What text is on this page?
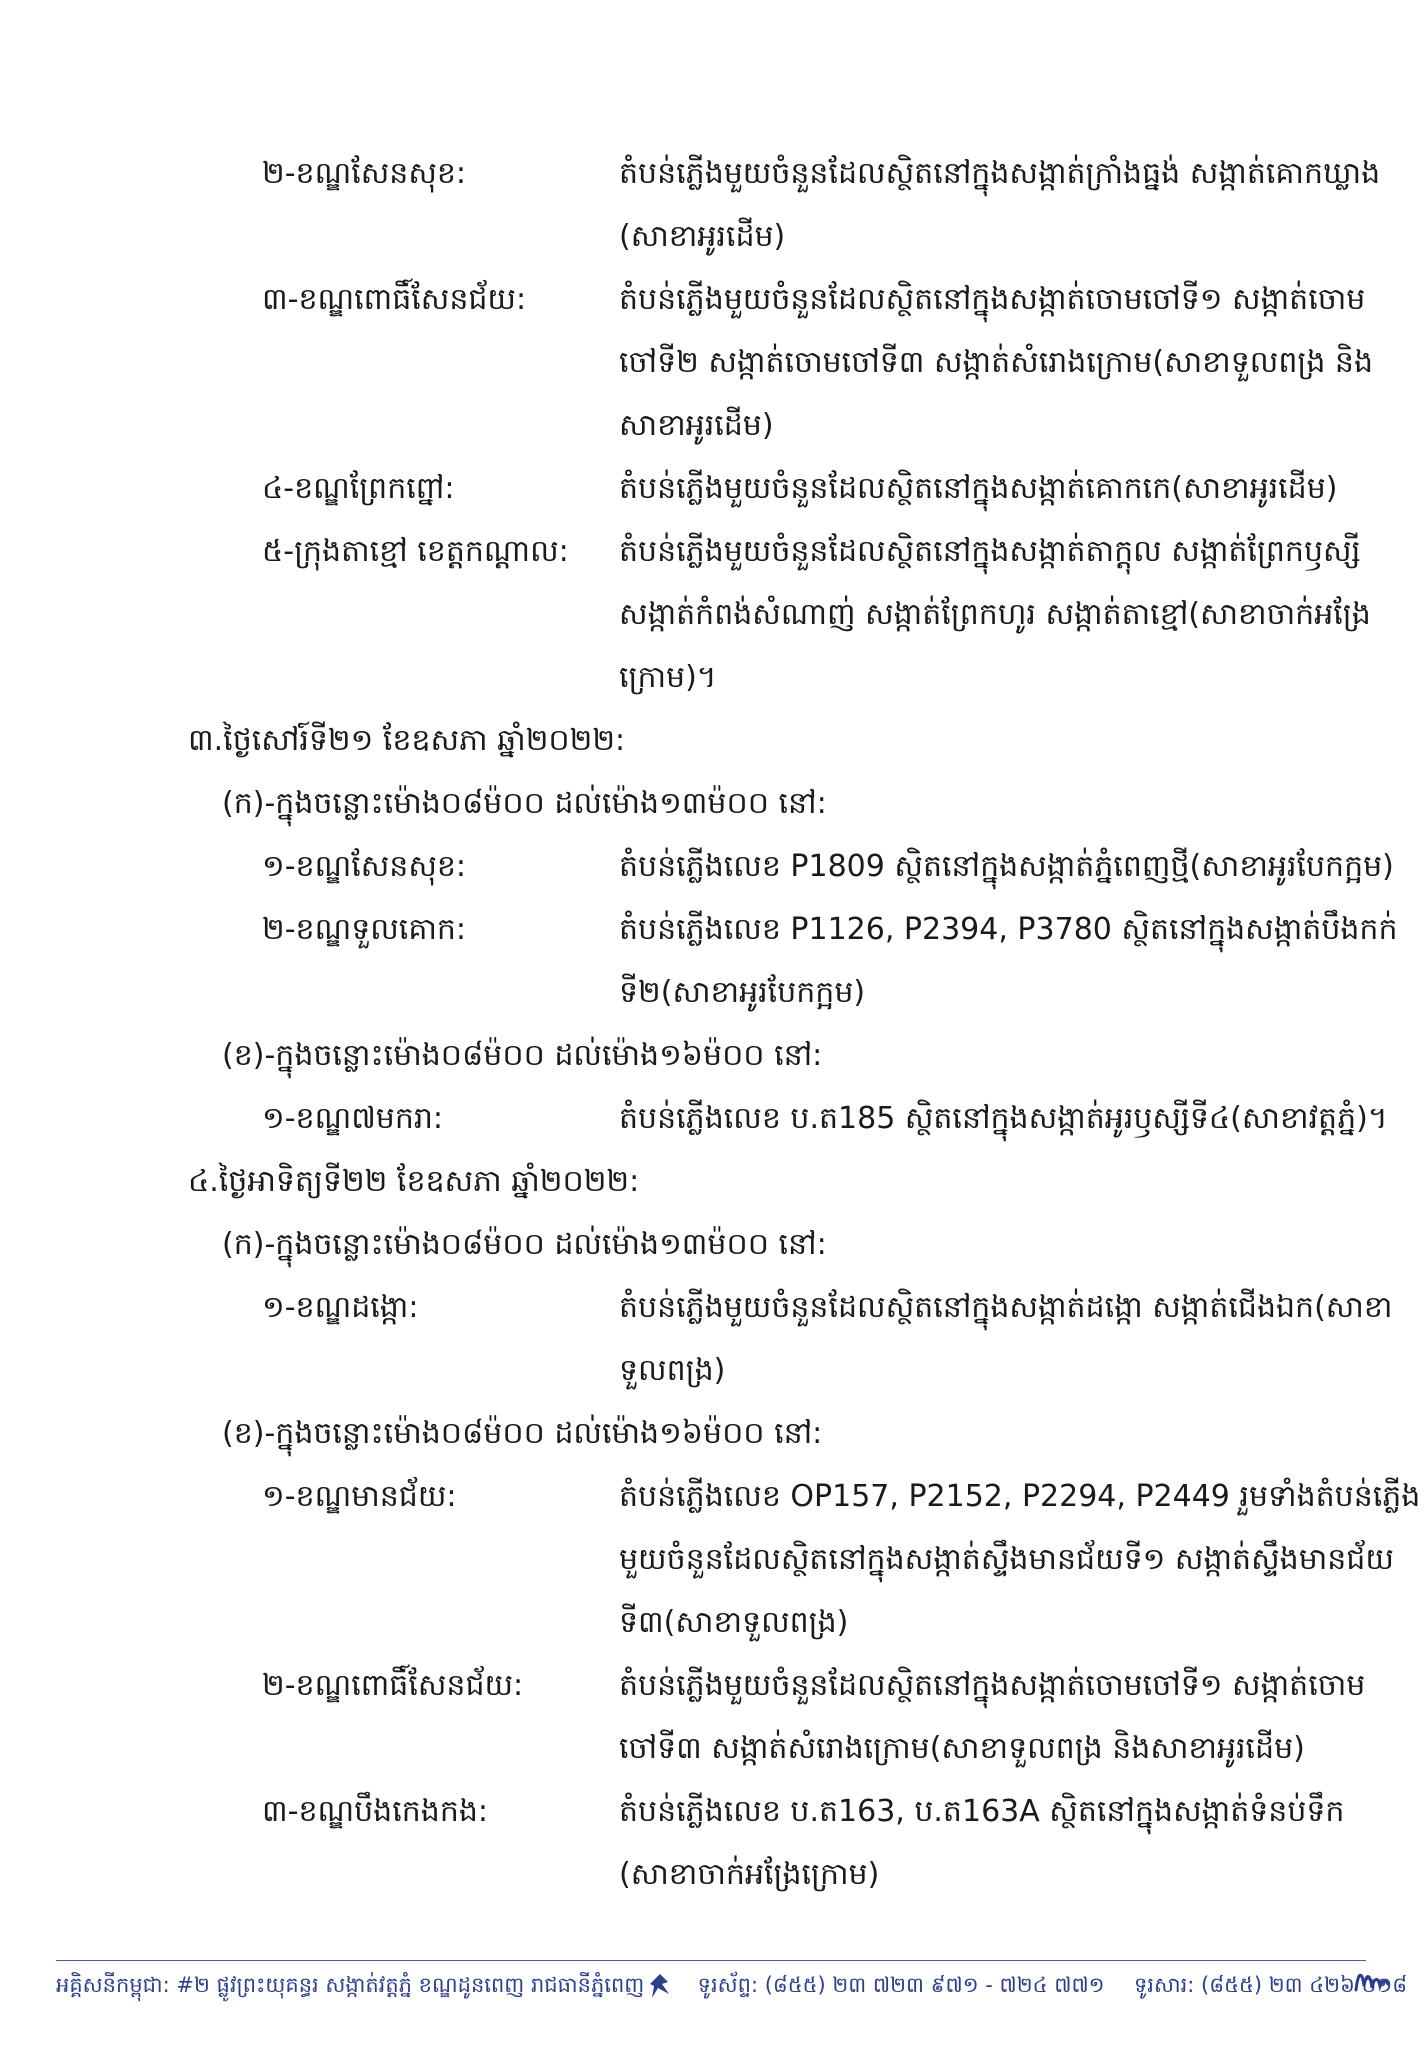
២-ខណ្ឌសែនសុខ:	តំបន់ភ្លើងមួយចំនួនដែលស្ថិតនៅក្នុងសង្កាត់ក្រាំងធ្នង់ សង្កាត់គោកឃ្លាង
(សាខាអូរដើម)
៣-ខណ្ឌពោធិ៍សែនជ័យ:	តំបន់ភ្លើងមួយចំនួនដែលស្ថិតនៅក្នុងសង្កាត់ចោមចៅទី១ សង្កាត់ចោម
ចៅទី២ សង្កាត់ចោមចៅទី៣ សង្កាត់សំរោងក្រោម(សាខាទួលពង្រ និង
សាខាអូរដើម)
៤-ខណ្ឌព្រែកព្នៅ:	តំបន់ភ្លើងមួយចំនួនដែលស្ថិតនៅក្នុងសង្កាត់គោកកេ(សាខាអូរដើម)
៥-ក្រុងតាខ្មៅ ខេត្តកណ្ដាល: តំបន់ភ្លើងមួយចំនួនដែលស្ថិតនៅក្នុងសង្កាត់តាក្ដុល សង្កាត់ព្រែកឫស្សី
សង្កាត់កំពង់សំណាញ់ សង្កាត់ព្រែកហូរ សង្កាត់តាខ្មៅ(សាខាចាក់អង្រែ
ក្រោម)។
៣.ថ្ងៃសៅរ៍ទី២១ ខែឧសភា ឆ្នាំ២០២២:
(ក)-ក្នុងចន្លោះម៉ោង០៨ម៉០០ ដល់ម៉ោង១៣ម៉០០ នៅ:
១-ខណ្ឌសែនសុខ:	តំបន់ភ្លើងលេខ P1809 ស្ថិតនៅក្នុងសង្កាត់ភ្នំពេញថ្មី(សាខាអូរបែកក្អម)
២-ខណ្ឌទួលគោក:	តំបន់ភ្លើងលេខ P1126, P2394, P3780 ស្ថិតនៅក្នុងសង្កាត់បឹងកក់
ទី២(សាខាអូរបែកក្អម)
(ខ)-ក្នុងចន្លោះម៉ោង០៨ម៉០០ ដល់ម៉ោង១៦ម៉០០ នៅ:
១-ខណ្ឌ៧មករា:	តំបន់ភ្លើងលេខ ប.ត185 ស្ថិតនៅក្នុងសង្កាត់អូរឫស្សីទី៤(សាខាវត្តភ្នំ)។
៤.ថ្ងៃអាទិត្យទី២២ ខែឧសភា ឆ្នាំ២០២២:
(ក)-ក្នុងចន្លោះម៉ោង០៨ម៉០០ ដល់ម៉ោង១៣ម៉០០ នៅ:
១-ខណ្ឌដង្កោ:	តំបន់ភ្លើងមួយចំនួនដែលស្ថិតនៅក្នុងសង្កាត់ដង្កោ សង្កាត់ជើងឯក(សាខា
ទួលពង្រ)
(ខ)-ក្នុងចន្លោះម៉ោង០៨ម៉០០ ដល់ម៉ោង១៦ម៉០០ នៅ:
១-ខណ្ឌមានជ័យ:	តំបន់ភ្លើងលេខ OP157, P2152, P2294, P2449 រួមទាំងតំបន់ភ្លើង
មួយចំនួនដែលស្ថិតនៅក្នុងសង្កាត់ស្ទឹងមានជ័យទី១ សង្កាត់ស្ទឹងមានជ័យ
ទី៣(សាខាទួលពង្រ)
២-ខណ្ឌពោធិ៍សែនជ័យ:	តំបន់ភ្លើងមួយចំនួនដែលស្ថិតនៅក្នុងសង្កាត់ចោមចៅទី១ សង្កាត់ចោម
ចៅទី៣ សង្កាត់សំរោងក្រោម(សាខាទួលពង្រ និងសាខាអូរដើម)
៣-ខណ្ឌបឹងកេងកង:	តំបន់ភ្លើងលេខ ប.ត163, ប.ត163A ស្ថិតនៅក្នុងសង្កាត់ទំនប់ទឹក
(សាខាចាក់អង្រែក្រោម)
អគ្គិសនីកម្ពុជា: #២ ផ្លូវព្រះយុគន្ធរ សង្កាត់វត្តភ្នំ ខណ្ឌដូនពេញ រាជធានីភ្នំពេញ	ទូរស័ព្ទ: (៨៥៥) ២៣ ៧២៣ ៩៧១ - ៧២៤ ៧៧១ ទូរសារ: (៨៥៥) ២៣ ៤២៦ ០១៨
